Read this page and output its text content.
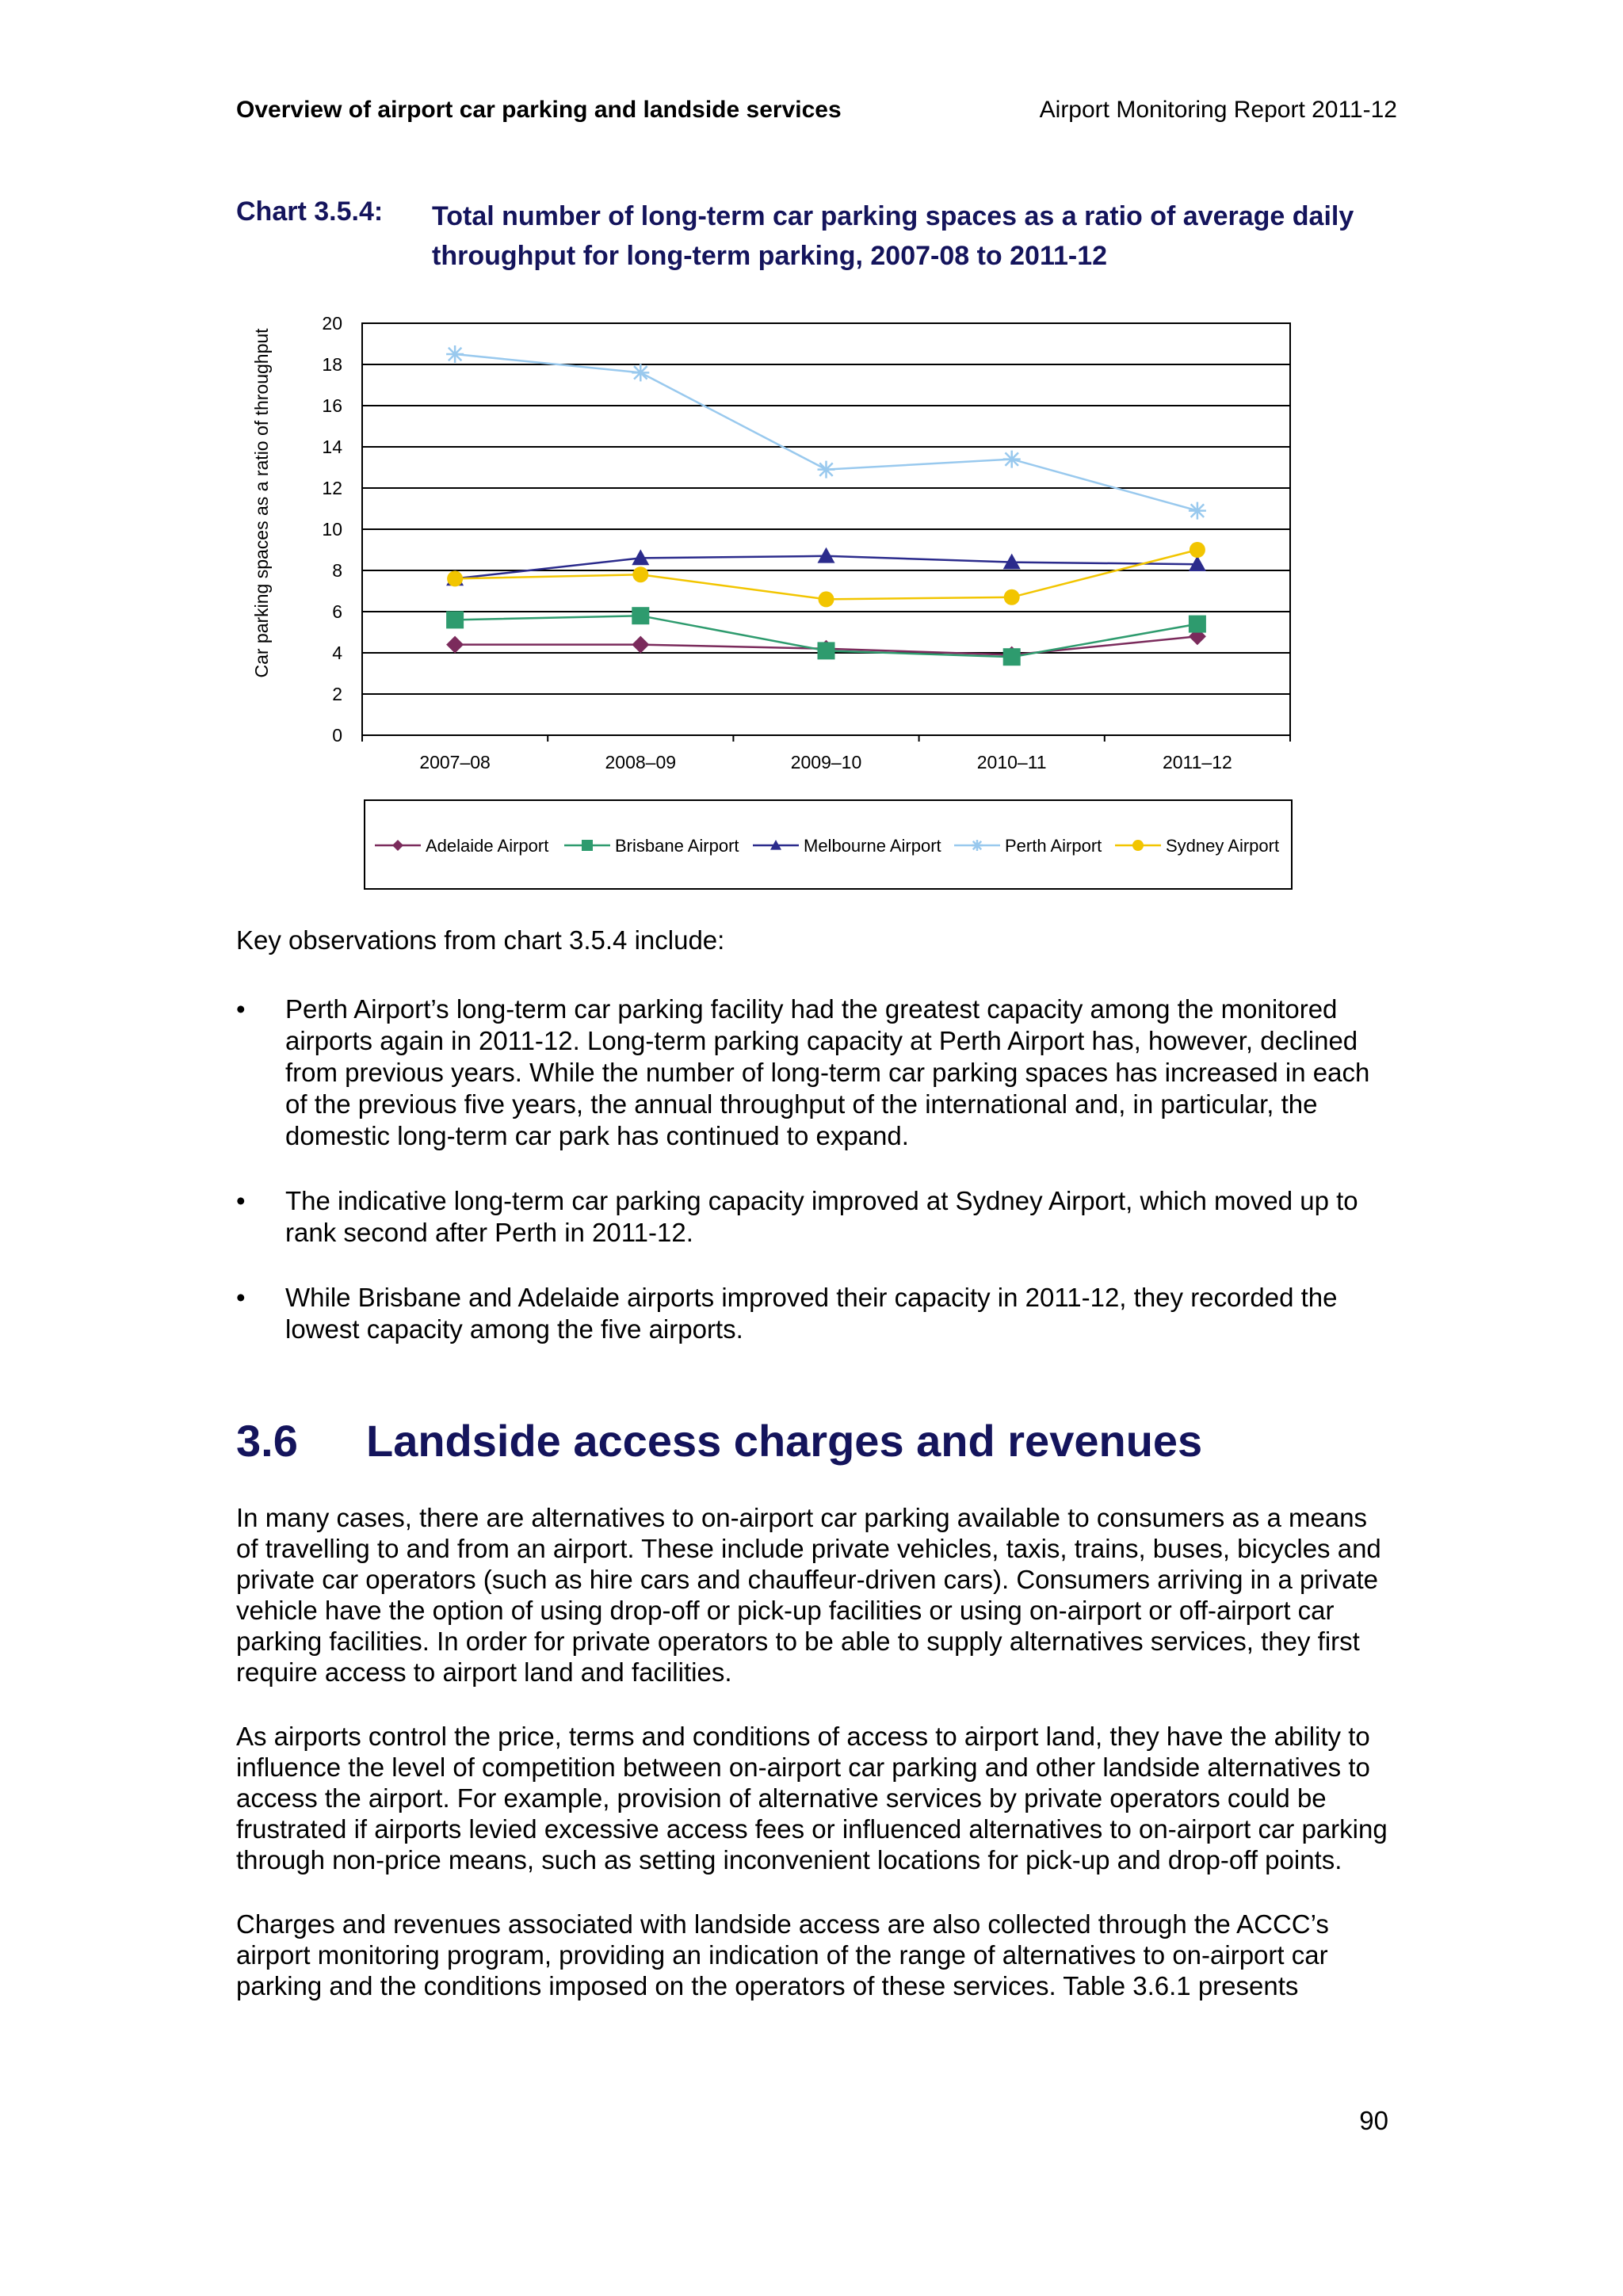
Overview of airport car parking and landside services	Airport Monitoring Report 2011-12
Chart 3.5.4: Total number of long-term car parking spaces as a ratio of average daily throughput for long-term parking, 2007-08 to 2011-12
0
2
4
6
8
10
12
14
16
18
20
2007–08	2008–09	2009–10	2010–11	2011–12
Car parking spaces as a ratio of throughput
Adelaide Airport	Brisbane Airport	Melbourne Airport	Perth Airport	Sydney Airport
Key observations from chart 3.5.4 include:
• Perth Airport’s long-term car parking facility had the greatest capacity among the monitored airports again in 2011-12. Long-term parking capacity at Perth Airport has, however, declined from previous years. While the number of long-term car parking spaces has increased in each of the previous five years, the annual throughput of the international and, in particular, the domestic long-term car park has continued to expand.
• The indicative long-term car parking capacity improved at Sydney Airport, which moved up to rank second after Perth in 2011-12.
• While Brisbane and Adelaide airports improved their capacity in 2011-12, they recorded the lowest capacity among the five airports.
3.6 Landside access charges and revenues

In many cases, there are alternatives to on-airport car parking available to consumers as a means of travelling to and from an airport. These include private vehicles, taxis, trains, buses, bicycles and private car operators (such as hire cars and chauffeur-driven cars). Consumers arriving in a private vehicle have the option of using drop-off or pick-up facilities or using on-airport or off-airport car parking facilities. In order for private operators to be able to supply alternatives services, they first require access to airport land and facilities.

As airports control the price, terms and conditions of access to airport land, they have the ability to influence the level of competition between on-airport car parking and other landside alternatives to access the airport. For example, provision of alternative services by private operators could be frustrated if airports levied excessive access fees or influenced alternatives to on-airport car parking through non-price means, such as setting inconvenient locations for pick-up and drop-off points.

Charges and revenues associated with landside access are also collected through the ACCC’s airport monitoring program, providing an indication of the range of alternatives to on-airport car parking and the conditions imposed on the operators of these services. Table 3.6.1 presents

90
